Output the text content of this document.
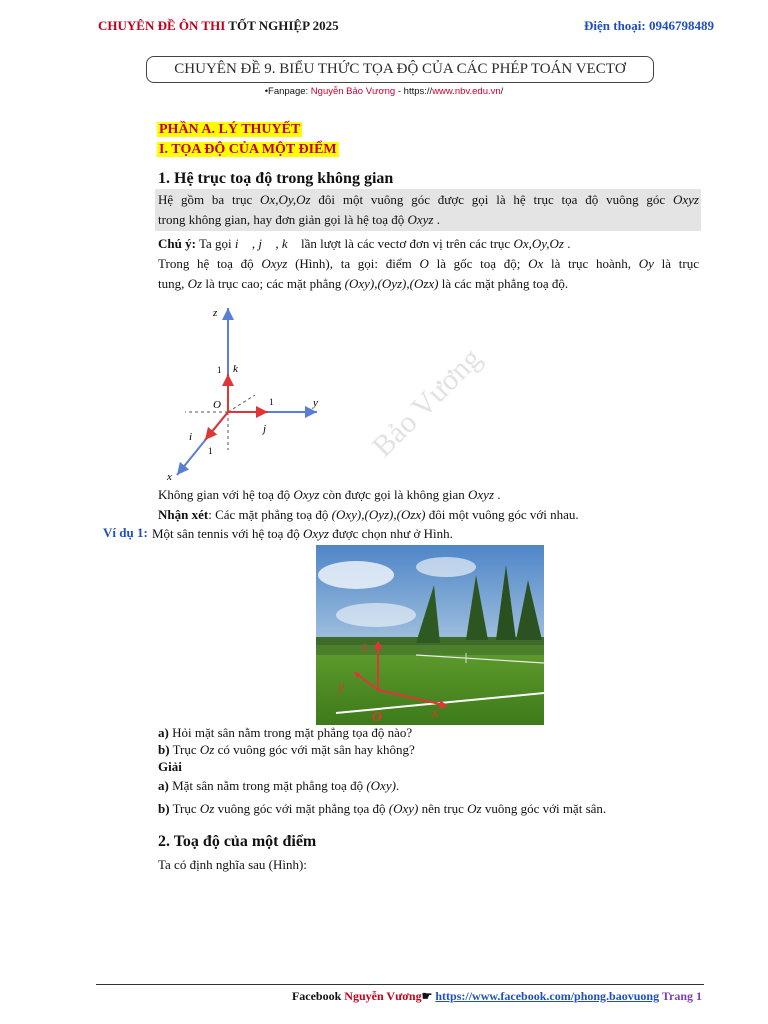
CHUYÊN ĐỀ ÔN THI TỐT NGHIỆP 2025	Điện thoại: 0946798489
CHUYÊN ĐỀ 9. BIỂU THỨC TỌA ĐỘ CỦA CÁC PHÉP TOÁN VECTƠ
•Fanpage: Nguyễn Bảo Vương - https://www.nbv.edu.vn/
Bảo Vương
PHẦN A. LÝ THUYẾT
I. TỌA ĐỘ CỦA MỘT ĐIỂM
1. Hệ trục toạ độ trong không gian
Hệ gồm ba trục Ox,Oy,Oz đôi một vuông góc được gọi là hệ trục tọa độ vuông góc Oxyz
trong không gian, hay đơn giản gọi là hệ toạ độ Oxyz .
Chú ý: Ta gọi i⃗ , j⃗ , k⃗ lần lượt là các vectơ đơn vị trên các trục Ox,Oy,Oz .
Trong hệ toạ độ Oxyz (Hình), ta gọi: điểm O là gốc toạ độ; Ox là trục hoành, Oy là trục
tung, Oz là trục cao; các mặt phẳng (Oxy),(Oyz),(Ozx) là các mặt phẳng toạ độ.
z
y
x
O
1
1
1
k⃗
j⃗
i⃗
Không gian với hệ toạ độ Oxyz còn được gọi là không gian Oxyz .
Nhận xét: Các mặt phẳng toạ độ (Oxy),(Oyz),(Ozx) đôi một vuông góc với nhau.
Ví dụ 1: Một sân tennis với hệ toạ độ Oxyz được chọn như ở Hình.
z
y
x
O
a) Hỏi mặt sân nằm trong mặt phẳng tọa độ nào?
b) Trục Oz có vuông góc với mặt sân hay không?
Giải
a) Mặt sân nằm trong mặt phẳng toạ độ (Oxy).
b) Trục Oz vuông góc với mặt phẳng tọa độ (Oxy) nên trục Oz vuông góc với mặt sân.
2. Toạ độ của một điểm
Ta có định nghĩa sau (Hình):
Facebook Nguyễn Vương☛ https://www.facebook.com/phong.baovuong Trang 1
